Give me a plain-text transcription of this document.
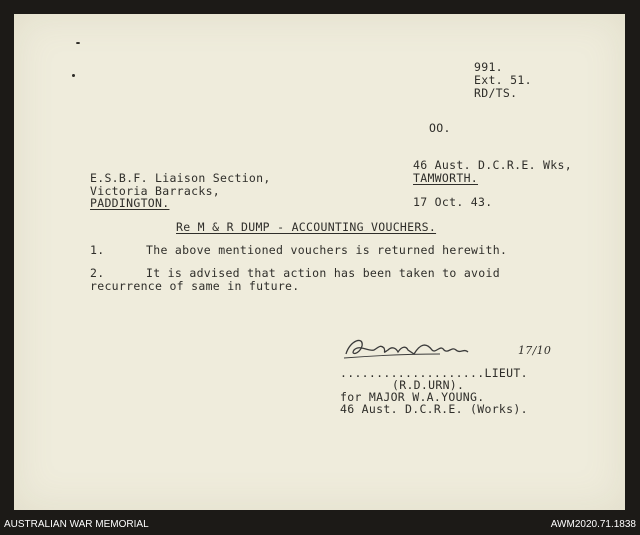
991.
Ext. 51.
RD/TS.
OO.
46 Aust. D.C.R.E. Wks,
TAMWORTH.
17 Oct. 43.
E.S.B.F. Liaison Section,
Victoria Barracks,
PADDINGTON.
Re M & R DUMP - ACCOUNTING VOUCHERS.
1.	The above mentioned vouchers is returned herewith.
2.	It is advised that action has been taken to avoid
recurrence of same in future.
17/10
....................LIEUT.
(R.D.URN).
for MAJOR W.A.YOUNG.
46 Aust. D.C.R.E. (Works).
AUSTRALIAN WAR MEMORIAL	AWM2020.71.1838
